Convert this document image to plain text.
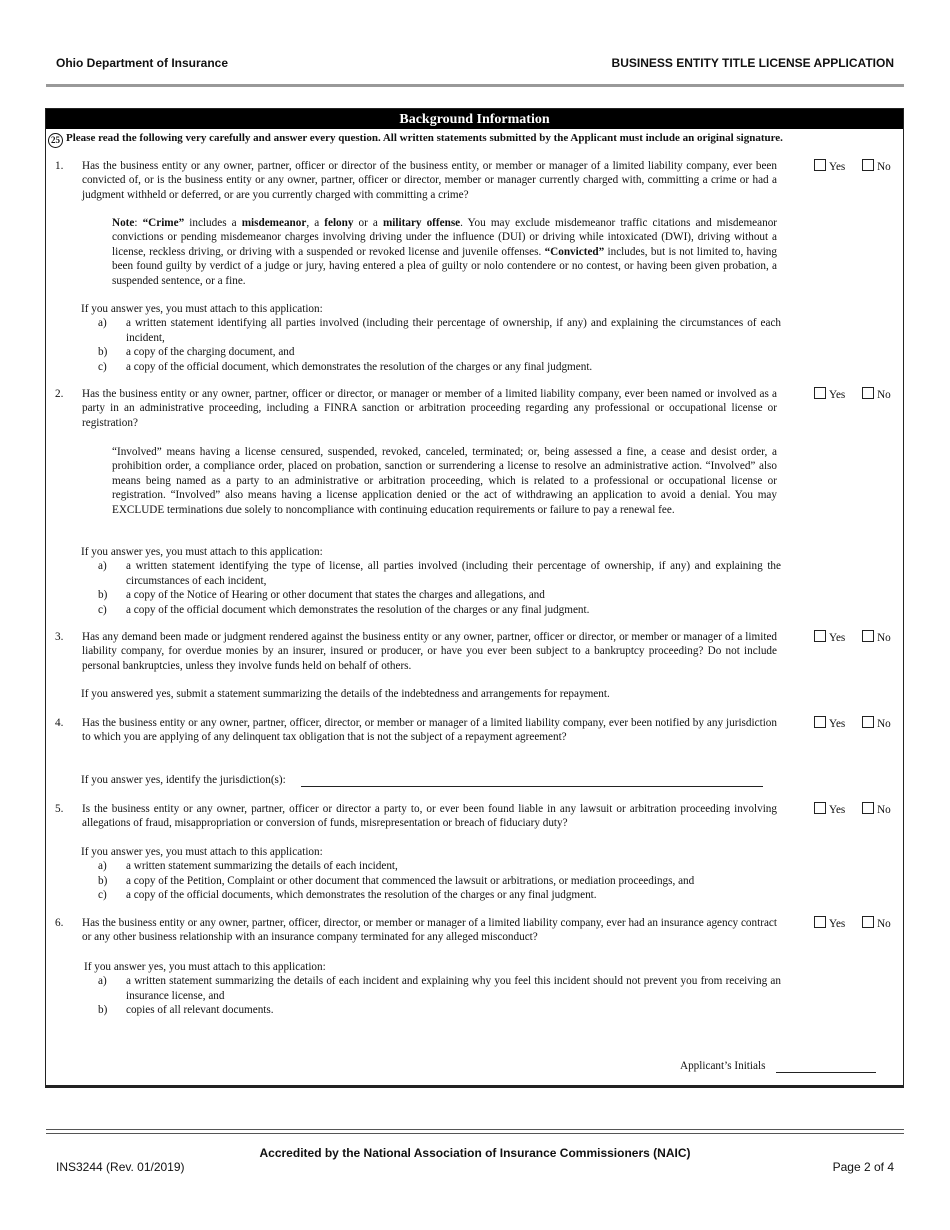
Ohio Department of Insurance	BUSINESS ENTITY TITLE LICENSE APPLICATION
Background Information
25 Please read the following very carefully and answer every question. All written statements submitted by the Applicant must include an original signature.
1. Has the business entity or any owner, partner, officer or director of the business entity, or member or manager of a limited liability company, ever been convicted of, or is the business entity or any owner, partner, officer or director, member or manager currently charged with, committing a crime or had a judgment withheld or deferred, or are you currently charged with committing a crime?
Yes	No
Note: “Crime” includes a misdemeanor, a felony or a military offense. You may exclude misdemeanor traffic citations and misdemeanor convictions or pending misdemeanor charges involving driving under the influence (DUI) or driving while intoxicated (DWI), driving without a license, reckless driving, or driving with a suspended or revoked license and juvenile offenses. “Convicted” includes, but is not limited to, having been found guilty by verdict of a judge or jury, having entered a plea of guilty or nolo contendere or no contest, or having been given probation, a suspended sentence, or a fine.
If you answer yes, you must attach to this application:
a) a written statement identifying all parties involved (including their percentage of ownership, if any) and explaining the circumstances of each incident,
b) a copy of the charging document, and
c) a copy of the official document, which demonstrates the resolution of the charges or any final judgment.
2. Has the business entity or any owner, partner, officer or director, or manager or member of a limited liability company, ever been named or involved as a party in an administrative proceeding, including a FINRA sanction or arbitration proceeding regarding any professional or occupational license or registration?
Yes	No
“Involved” means having a license censured, suspended, revoked, canceled, terminated; or, being assessed a fine, a cease and desist order, a prohibition order, a compliance order, placed on probation, sanction or surrendering a license to resolve an administrative action. “Involved” also means being named as a party to an administrative or arbitration proceeding, which is related to a professional or occupational license or registration. “Involved” also means having a license application denied or the act of withdrawing an application to avoid a denial. You may EXCLUDE terminations due solely to noncompliance with continuing education requirements or failure to pay a renewal fee.
If you answer yes, you must attach to this application:
a) a written statement identifying the type of license, all parties involved (including their percentage of ownership, if any) and explaining the circumstances of each incident,
b) a copy of the Notice of Hearing or other document that states the charges and allegations, and
c) a copy of the official document which demonstrates the resolution of the charges or any final judgment.
3. Has any demand been made or judgment rendered against the business entity or any owner, partner, officer or director, or member or manager of a limited liability company, for overdue monies by an insurer, insured or producer, or have you ever been subject to a bankruptcy proceeding? Do not include personal bankruptcies, unless they involve funds held on behalf of others.
Yes	No
If you answered yes, submit a statement summarizing the details of the indebtedness and arrangements for repayment.
4. Has the business entity or any owner, partner, officer, director, or member or manager of a limited liability company, ever been notified by any jurisdiction to which you are applying of any delinquent tax obligation that is not the subject of a repayment agreement?
Yes	No
If you answer yes, identify the jurisdiction(s):
5. Is the business entity or any owner, partner, officer or director a party to, or ever been found liable in any lawsuit or arbitration proceeding involving allegations of fraud, misappropriation or conversion of funds, misrepresentation or breach of fiduciary duty?
Yes	No
If you answer yes, you must attach to this application:
a) a written statement summarizing the details of each incident,
b) a copy of the Petition, Complaint or other document that commenced the lawsuit or arbitrations, or mediation proceedings, and
c) a copy of the official documents, which demonstrates the resolution of the charges or any final judgment.
6. Has the business entity or any owner, partner, officer, director, or member or manager of a limited liability company, ever had an insurance agency contract or any other business relationship with an insurance company terminated for any alleged misconduct?
Yes	No
If you answer yes, you must attach to this application:
a) a written statement summarizing the details of each incident and explaining why you feel this incident should not prevent you from receiving an insurance license, and
b) copies of all relevant documents.
Applicant’s Initials
Accredited by the National Association of Insurance Commissioners (NAIC)
INS3244 (Rev. 01/2019)	Page 2 of 4
